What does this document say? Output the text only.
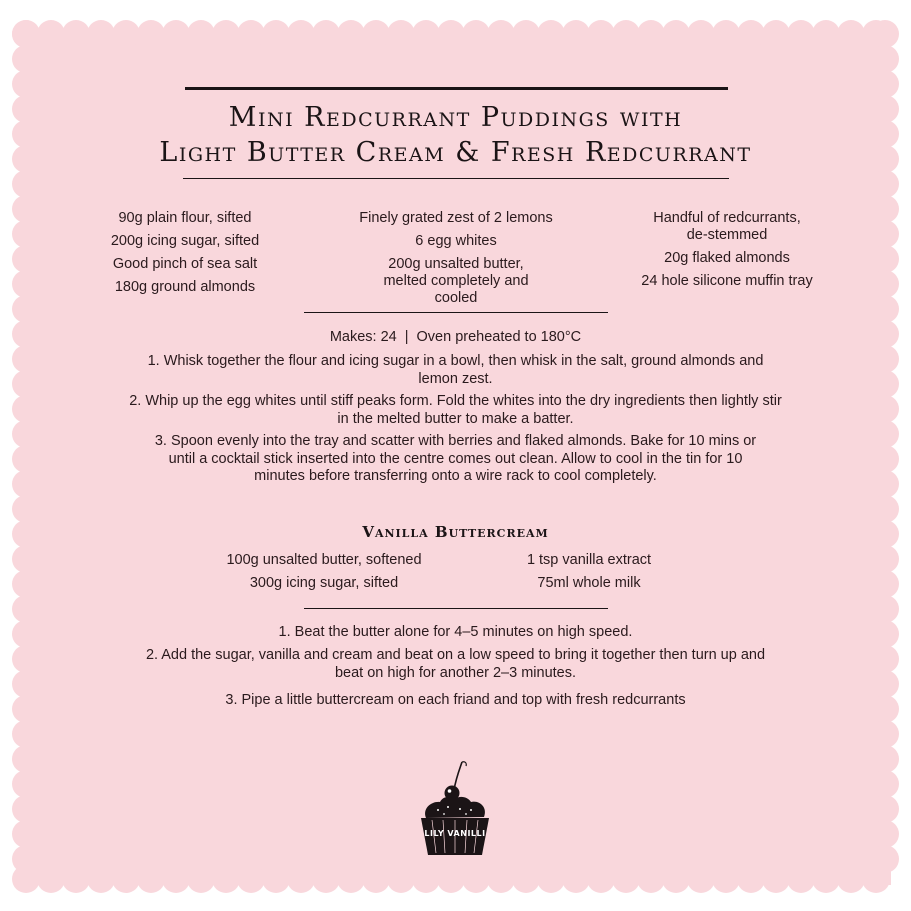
Mini Redcurrant Puddings with
Light Butter Cream & Fresh Redcurrant
90g plain flour, sifted
200g icing sugar, sifted
Good pinch of sea salt
180g ground almonds
Finely grated zest of 2 lemons
6 egg whites
200g unsalted butter, melted completely and cooled
Handful of redcurrants, de-stemmed
20g flaked almonds
24 hole silicone muffin tray
Makes: 24 | Oven preheated to 180°C
1. Whisk together the flour and icing sugar in a bowl, then whisk in the salt, ground almonds and lemon zest.
2. Whip up the egg whites until stiff peaks form. Fold the whites into the dry ingredients then lightly stir in the melted butter to make a batter.
3. Spoon evenly into the tray and scatter with berries and flaked almonds. Bake for 10 mins or until a cocktail stick inserted into the centre comes out clean. Allow to cool in the tin for 10 minutes before transferring onto a wire rack to cool completely.
Vanilla Buttercream
100g unsalted butter, softened
300g icing sugar, sifted
1 tsp vanilla extract
75ml whole milk
1. Beat the butter alone for 4–5 minutes on high speed.
2. Add the sugar, vanilla and cream and beat on a low speed to bring it together then turn up and beat on high for another 2–3 minutes.
3. Pipe a little buttercream on each friand and top with fresh redcurrants
LILY VANILLI
